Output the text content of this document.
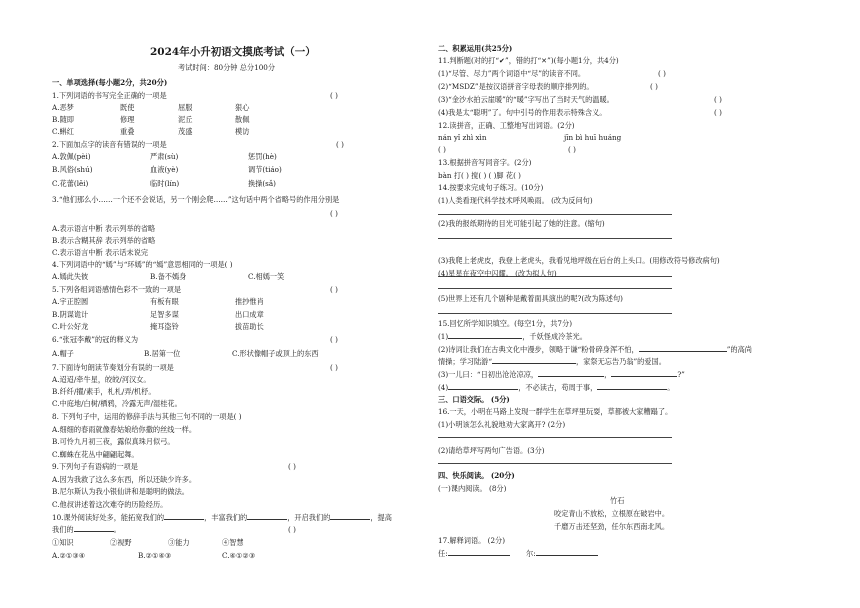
2024年小升初语文摸底考试（一）
考试时间：80分钟 总分100分
一、单项选择(每小题2分，共20分)
1.下列词语的书写完全正确的一项是	( )
A.恶梦	既使	屈服	狠心
B.随即	修理	泥丘	散佩
C.蝌红	重叠	茂盛	模访
2.下面加点字的读音有错误的一项是	( )
A.敦佩(pèi)	严肃(sù)	惩罚(hè)
B.风俗(shú)	血液(yè)	调节(tiáo)
C.花蕾(lěi)	临时(lín)	换操(sǎ)
3.“他们那么小……一个还不会说话，另一个刚会爬……”这句话中两个省略号的作用分别是
( )
A.表示语言中断 表示列举的省略
B.表示含糊其辞 表示列举的省略
C.表示语言中断 表示话未说完
4.下列词语中的“嫣”与“环嫣”的“嫣”意思相同的一项是( )
A.嫣此失彼	B.备不嫣身	C.相嫣一笑
5.下列各组词语感情色彩不一致的一项是	( )
A.宇正腔圆	有板有眼	推抄惟肖
B.阴谋诡计	足智多谋	出口成章
C.叶公好龙	掩耳盗铃	拔苗助长
6.“张冠李戴”的冠的释义为	( )
A.帽子	B.居第一位	C.形状像帽子或顶上的东西
7.下面诗句朗读节奏划分有误的一项是	( )
A.迢迢/牵牛星，皎皎/河汉女。
B.纤纤/擢/素手，札札/弄/机杼。
C.中庭地/白树/栖鸦，冷露无声/湿桂花。
8. 下列句子中，运用的修辞手法与其他三句不同的一项是( )
A.细细的春雨就像春姑娘给你撒的丝线一样。
B.可怜九月初三夜，露似真珠月似弓。
C.蜘蛛在花丛中翩翩起舞。
9.下列句子有语病的一项是	( )
A.因为我救了这么多东西，所以还缺少许多。
B.尼尔斯认为我小银仙讲和是聪明的做法。
C.他叔讲述着这次难夺的历险经历。
10.课外阅读好处多，能拓宽我们的	，丰富我们的	，开启我们的	，提高
我们的	。	( )
①知识	②视野	③能力	④智慧
A.②①③④	B.②①④③	C.④①②③
二、积累运用(共25分)
11.判断题(对的打“✔”，错的打“✕”)(每小题1分，共4分)
(1)“尽管、尽力”两个词语中“尽”的读音不同。	( )
(2)“MSDZ”是按汉语拼音字母表的顺序排列的。	( )
(3)“金沙水拍云崖暖”的“暖”字写出了当时天气的温暖。	( )
(4)我是太“聪明”了。句中引号的作用表示特殊含义。	( )
12.读拼音，正确、工整地写出词语。(2分)
nán yǐ zhì xìn	jīn bì huī huáng
( )	( )
13.根据拼音写同音字。(2分)
bàn 打( ) 搅( ) ( )脚 花( )
14.按要求完成句子练习。(10分)
(1)人类看现代科学技术呼风唤雨。 (改为反问句)
(2)我的报纸期待的目光可能引起了她的注意。(缩句)
(3)我爬上老虎皮，我登上老虎头，我看见地坪级在后台的上头口。(用修改符号修改病句)
(4)星星在夜空中闪耀。 (改为拟人句)
(5)世界上还有几个剧种是戴着面具演出的呢?(改为陈述句)
15.回忆所学知识填空。(每空1分，共7分)
(1)	，千妖怪成冷茶光。
(2)诗词让我们在古典文化中漫步，领略于谦“粉骨碎身浑不怕，	”的高尚
情操；学习陆游“	，家祭无忘告乃翁”的爱国。
(3)一儿曰：“日初出沧沧凉凉，	，	?”
(4)	，不必读古，苟周于事，	。
三、口语交际。 (5分)
16.一天，小明在马路上发现一群学生在草坪里玩耍，草都被大家糟蹋了。
(1)小明该怎么礼貌地劝大家离开? (2分)
(2)请给草坪写两句广告语。(3分)
四、快乐阅读。 (20分)
(一)课内阅读。 (8分)
竹石
咬定青山不放松，立根原在破岩中。
千磨万击还坚劲，任尔东西南北风。
17.解释词语。 (2分)
任:	尔:
